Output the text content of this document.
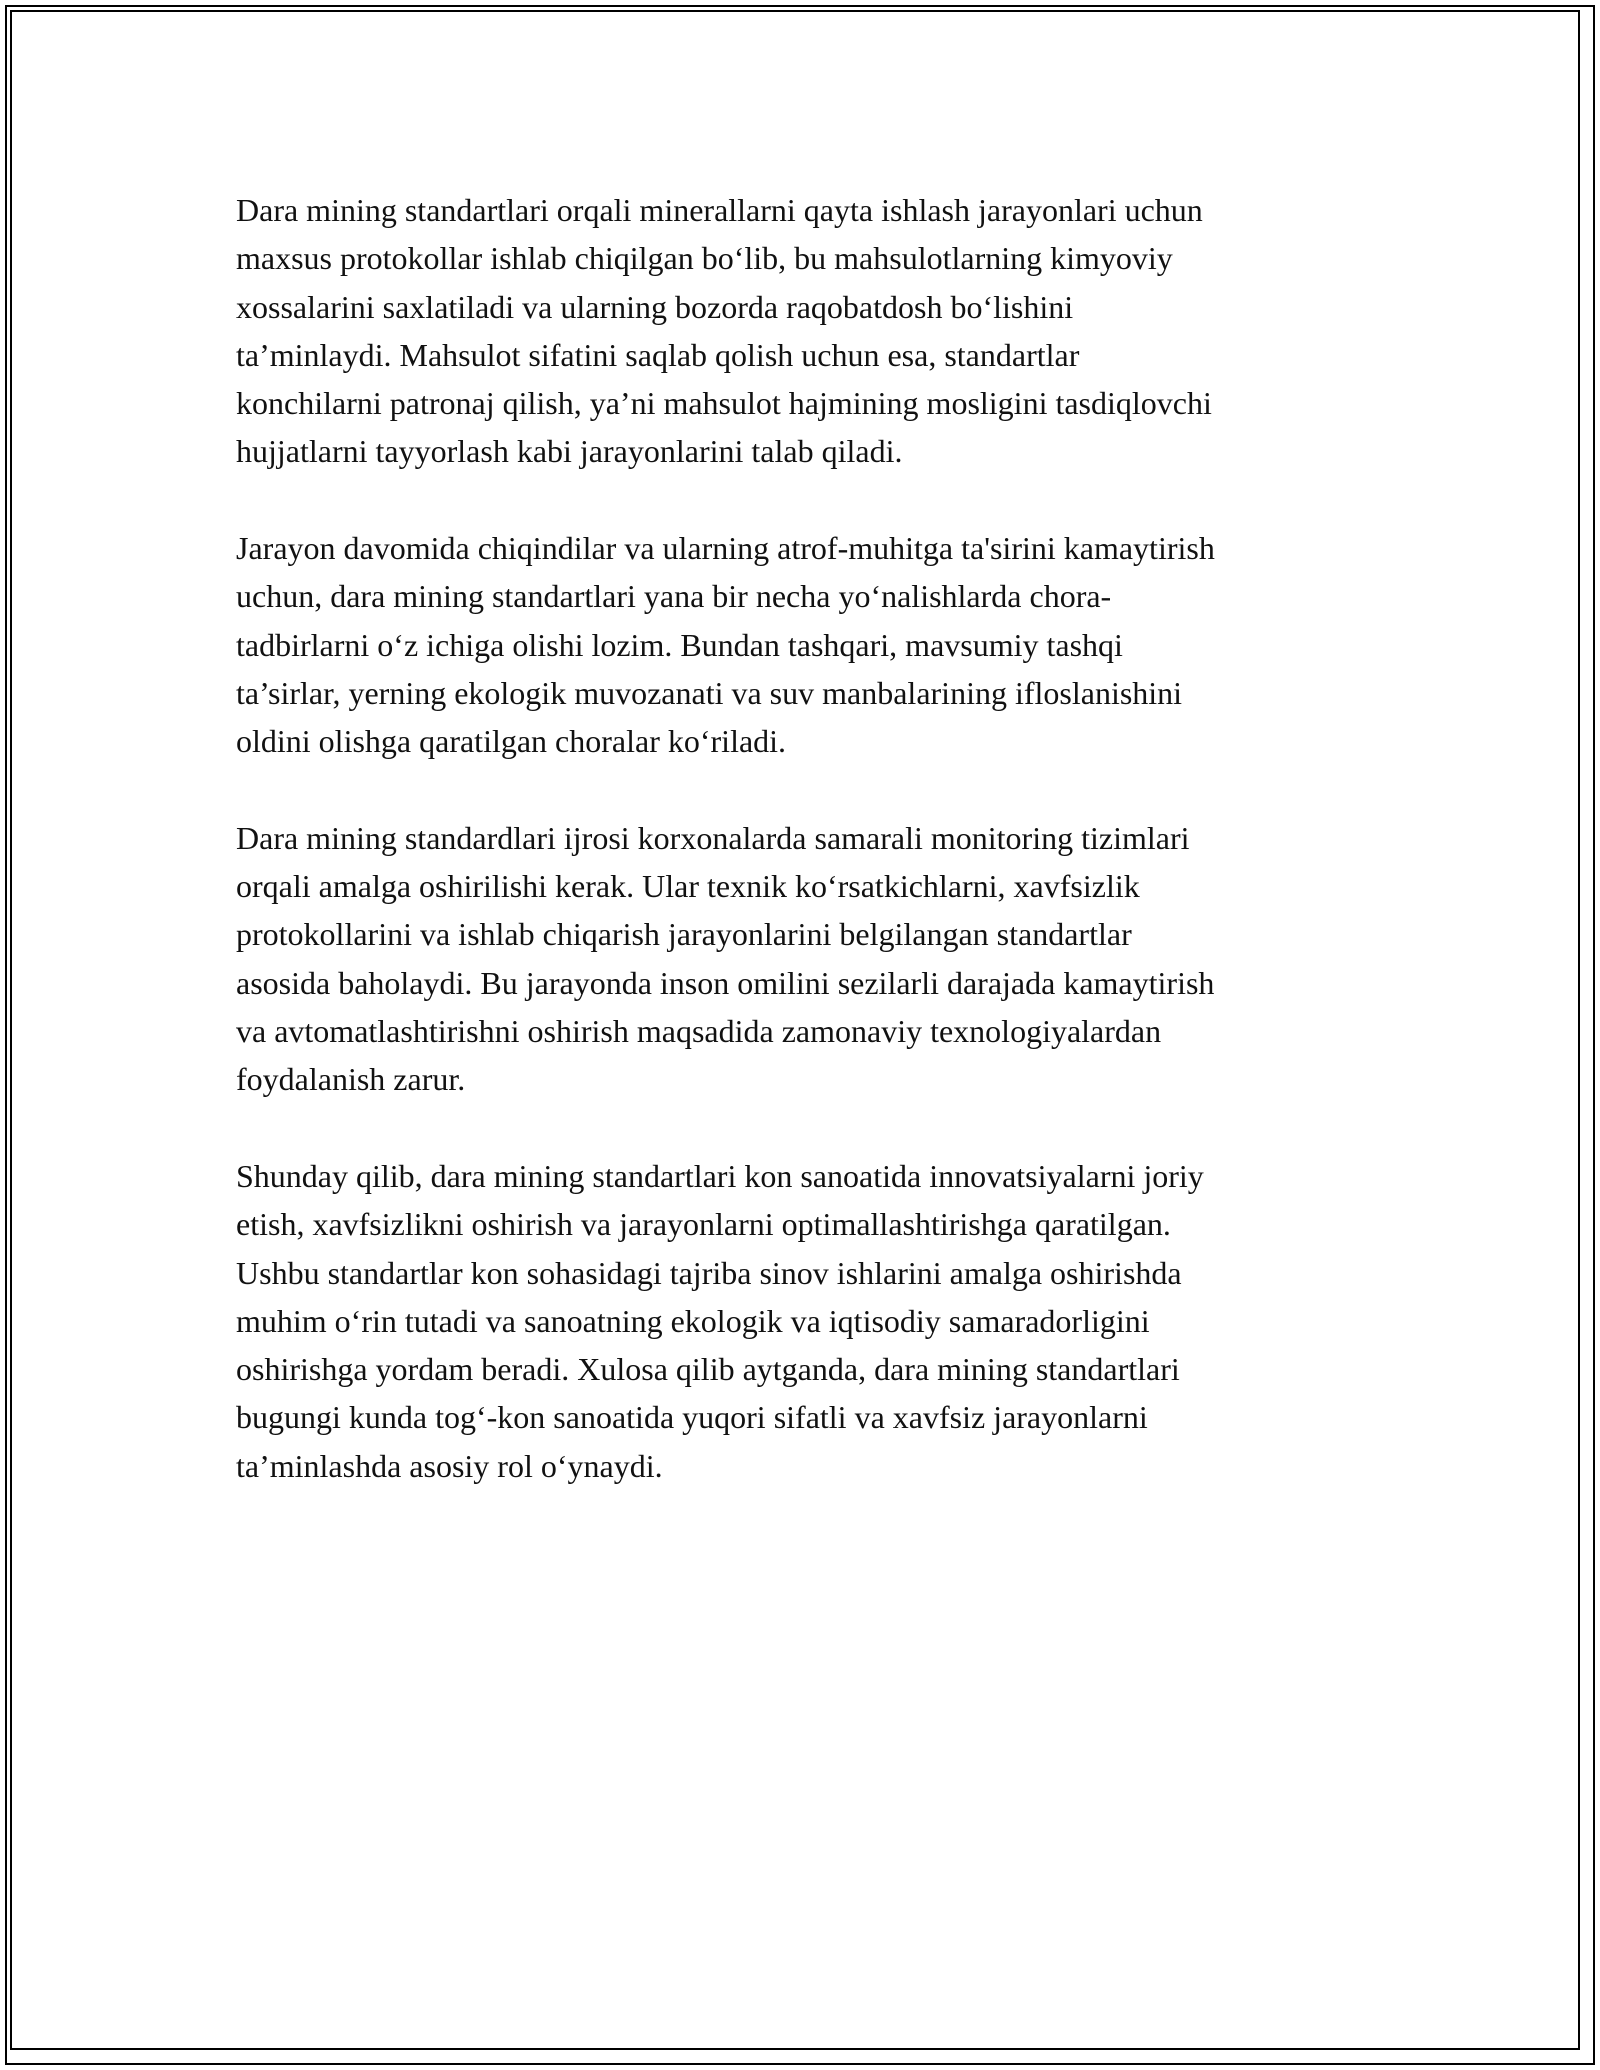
Dara mining standartlari orqali minerallarni qayta ishlash jarayonlari uchun
maxsus protokollar ishlab chiqilgan bo‘lib, bu mahsulotlarning kimyoviy
xossalarini saxlatiladi va ularning bozorda raqobatdosh bo‘lishini
ta’minlaydi. Mahsulot sifatini saqlab qolish uchun esa, standartlar
konchilarni patronaj qilish, ya’ni mahsulot hajmining mosligini tasdiqlovchi
hujjatlarni tayyorlash kabi jarayonlarini talab qiladi.

Jarayon davomida chiqindilar va ularning atrof-muhitga ta'sirini kamaytirish
uchun, dara mining standartlari yana bir necha yo‘nalishlarda chora-
tadbirlarni o‘z ichiga olishi lozim. Bundan tashqari, mavsumiy tashqi
ta’sirlar, yerning ekologik muvozanati va suv manbalarining ifloslanishini
oldini olishga qaratilgan choralar ko‘riladi.

Dara mining standardlari ijrosi korxonalarda samarali monitoring tizimlari
orqali amalga oshirilishi kerak. Ular texnik ko‘rsatkichlarni, xavfsizlik
protokollarini va ishlab chiqarish jarayonlarini belgilangan standartlar
asosida baholaydi. Bu jarayonda inson omilini sezilarli darajada kamaytirish
va avtomatlashtirishni oshirish maqsadida zamonaviy texnologiyalardan
foydalanish zarur.

Shunday qilib, dara mining standartlari kon sanoatida innovatsiyalarni joriy
etish, xavfsizlikni oshirish va jarayonlarni optimallashtirishga qaratilgan.
Ushbu standartlar kon sohasidagi tajriba sinov ishlarini amalga oshirishda
muhim o‘rin tutadi va sanoatning ekologik va iqtisodiy samaradorligini
oshirishga yordam beradi. Xulosa qilib aytganda, dara mining standartlari
bugungi kunda tog‘-kon sanoatida yuqori sifatli va xavfsiz jarayonlarni
ta’minlashda asosiy rol o‘ynaydi.
